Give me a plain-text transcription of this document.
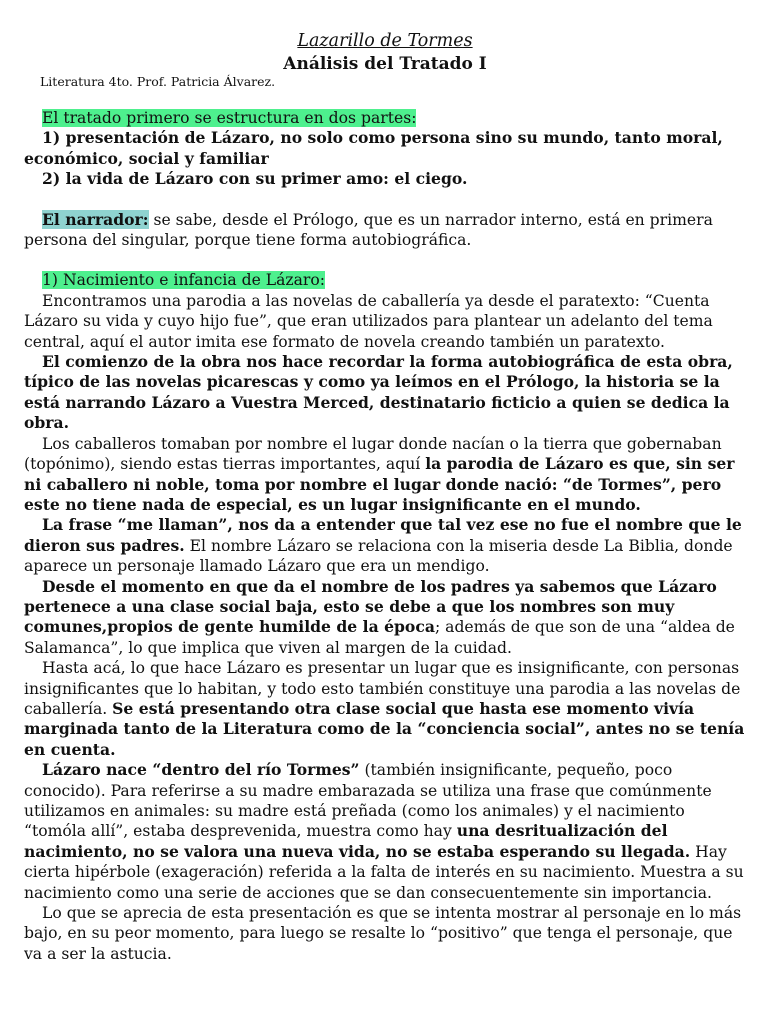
Lazarillo de Tormes
Análisis del Tratado I
Literatura 4to. Prof. Patricia Álvarez.

El tratado primero se estructura en dos partes:

1) presentación de Lázaro, no solo como persona sino su mundo, tanto moral, económico, social y familiar

2) la vida de Lázaro con su primer amo: el ciego.

El narrador: se sabe, desde el Prólogo, que es un narrador interno, está en primera persona del singular, porque tiene forma autobiográfica.

1) Nacimiento e infancia de Lázaro:

Encontramos una parodia a las novelas de caballería ya desde el paratexto: “Cuenta Lázaro su vida y cuyo hijo fue”, que eran utilizados para plantear un adelanto del tema central, aquí el autor imita ese formato de novela creando también un paratexto.

El comienzo de la obra nos hace recordar la forma autobiográfica de esta obra, típico de las novelas picarescas y como ya leímos en el Prólogo, la historia se la está narrando Lázaro a Vuestra Merced, destinatario ficticio a quien se dedica la obra.

Los caballeros tomaban por nombre el lugar donde nacían o la tierra que gobernaban (topónimo), siendo estas tierras importantes, aquí la parodia de Lázaro es que, sin ser ni caballero ni noble, toma por nombre el lugar donde nació: “de Tormes”, pero este no tiene nada de especial, es un lugar insignificante en el mundo.

La frase “me llaman”, nos da a entender que tal vez ese no fue el nombre que le dieron sus padres. El nombre Lázaro se relaciona con la miseria desde La Biblia, donde aparece un personaje llamado Lázaro que era un mendigo.

Desde el momento en que da el nombre de los padres ya sabemos que Lázaro pertenece a una clase social baja, esto se debe a que los nombres son muy comunes,propios de gente humilde de la época; además de que son de una “aldea de Salamanca”, lo que implica que viven al margen de la cuidad.

Hasta acá, lo que hace Lázaro es presentar un lugar que es insignificante, con personas insignificantes que lo habitan, y todo esto también constituye una parodia a las novelas de caballería. Se está presentando otra clase social que hasta ese momento vivía marginada tanto de la Literatura como de la “conciencia social”, antes no se tenía en cuenta.

Lázaro nace “dentro del río Tormes” (también insignificante, pequeño, poco conocido). Para referirse a su madre embarazada se utiliza una frase que comúnmente utilizamos en animales: su madre está preñada (como los animales) y el nacimiento “tomóla allí”, estaba desprevenida, muestra como hay una desritualización del nacimiento, no se valora una nueva vida, no se estaba esperando su llegada. Hay cierta hipérbole (exageración) referida a la falta de interés en su nacimiento. Muestra a su nacimiento como una serie de acciones que se dan consecuentemente sin importancia.

Lo que se aprecia de esta presentación es que se intenta mostrar al personaje en lo más bajo, en su peor momento, para luego se resalte lo “positivo” que tenga el personaje, que va a ser la astucia.
